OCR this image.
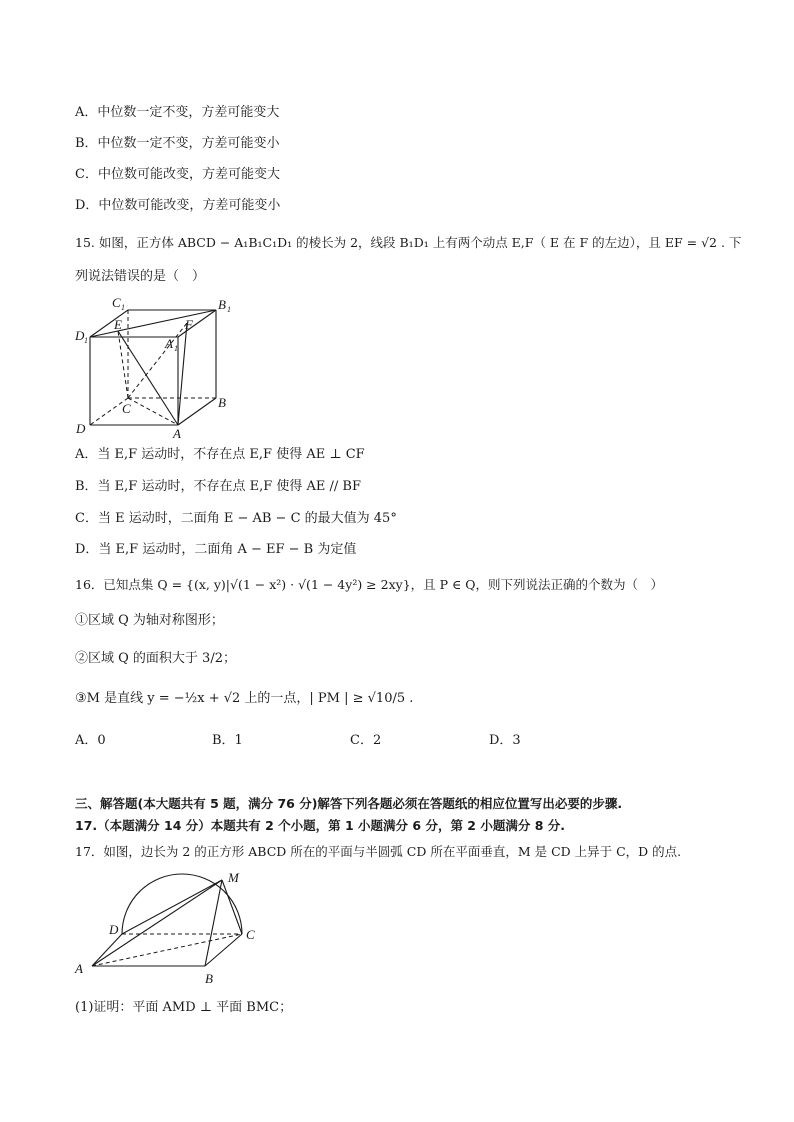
A．中位数一定不变，方差可能变大
B．中位数一定不变，方差可能变小
C．中位数可能改变，方差可能变大
D．中位数可能改变，方差可能变小
15. 如图，正方体 ABCD − A₁B₁C₁D₁ 的棱长为 2，线段 B₁D₁ 上有两个动点 E,F（ E 在 F 的左边），且 EF = √2 . 下
列说法错误的是（　）
C 1	B 1
D 1
E	F
A 1
C	B
D	A
A．当 E,F 运动时，不存在点 E,F 使得 AE ⊥ CF
B．当 E,F 运动时，不存在点 E,F 使得 AE // BF
C．当 E 运动时，二面角 E − AB − C 的最大值为 45°
D．当 E,F 运动时，二面角 A − EF − B 为定值
16．已知点集 Q = {(x, y)|√(1 − x²) · √(1 − 4y²) ≥ 2xy}，且 P ∈ Q，则下列说法正确的个数为（　）
①区域 Q 为轴对称图形；
②区域 Q 的面积大于 3/2；
③M 是直线 y = −½x + √2 上的一点，| PM | ≥ √10/5 .
A．0	B．1	C．2	D．3
三、解答题(本大题共有 5 题，满分 76 分)解答下列各题必须在答题纸的相应位置写出必要的步骤.
17.（本题满分 14 分）本题共有 2 个小题，第 1 小题满分 6 分，第 2 小题满分 8 分.
17．如图，边长为 2 的正方形 ABCD 所在的平面与半圆弧 CD 所在平面垂直，M 是 CD 上异于 C，D 的点.
M
D	C
A
B
(1)证明：平面 AMD ⊥ 平面 BMC；
